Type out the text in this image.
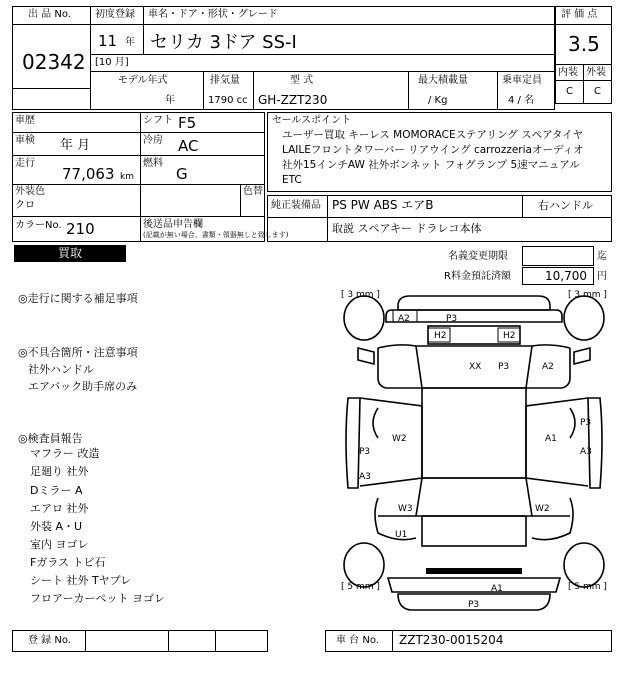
出 品 No.
02342
初度登録
11 年
[10 月]
車名・ドア・形状・グレード
セリカ 3ドア SS-I
モデル年式
年
排気量
1790 cc
型 式
GH-ZZT230
最大積載量
/ Kg
乗車定員
4 / 名
評 価 点
3.5
内装 外装
C C
車歴
車検 年 月
走行
77,063 km
シフト F5
冷房 AC
燃料
G
外装色
クロ
色替
カラーNo. 210	後送品申告欄
(記載が無い場合、書類・領器無しと致します)
セールスポイント
ユーザー買取 キーレス MOMORACEステアリング スペアタイヤ
LAILEフロントタワーバー リアウイング carrozzeriaオーディオ
社外15インチAW 社外ボンネット フォグランプ 5速マニュアル
ETC
純正装備品 PS PW ABS エアB	右ハンドル
取説 スペアキー ドラレコ本体
買取	名義変更期限	迄
R料金預託済額	10,700 円
◎走行に関する補足事項
◎不具合箇所・注意事項
社外ハンドル
エアバック助手席のみ
◎検査員報告
マフラー 改造
足廻り 社外
Dミラー A
エアロ 社外
外装 A・U
室内 ヨゴレ
Fガラス トビ石
シート 社外 Tヤブレ
フロアーカーペット ヨゴレ
[ 3 mm ]	[ 3 mm ]
[ 5 mm ]	[ 5 mm ]
A2	P3
H2	H2
XX P3	A2
W2	A1
P3
A3
P3
A3
W3
U1
W2
A1
P3
登 録 No.	車 台 No. ZZT230-0015204
